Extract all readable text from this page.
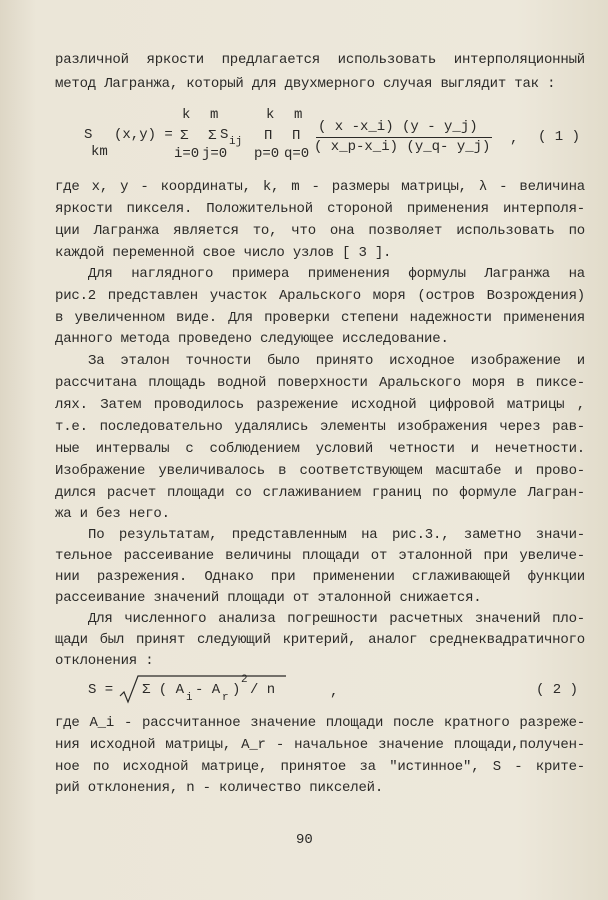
различной яркости предлагается использовать интерполяционный
метод Лагранжа, который для двухмерного случая выглядит так :
S
km
(x,y) =
k
Σ
i=0
m
Σ
j=0
S ij
k
Π
p=0
m
Π
q=0
( x -x_i) (y - y_j)
( x_p-x_i) (y_q- y_j) , ( 1 )
где x, y - координаты, k, m - размеры матрицы, λ - величина
яркости пикселя. Положительной стороной применения интерполя-
ции Лагранжа является то, что она позволяет использовать по
каждой переменной свое число узлов [ 3 ].
Для наглядного примера применения формулы Лагранжа на
рис.2 представлен участок Аральского моря (остров Возрождения)
в увеличенном виде. Для проверки степени надежности применения
данного метода проведено следующее исследование.
За эталон точности было принято исходное изображение и
рассчитана площадь водной поверхности Аральского моря в пиксе-
лях. Затем проводилось разрежение исходной цифровой матрицы ,
т.е. последовательно удалялись элементы изображения через рав-
ные интервалы с соблюдением условий четности и нечетности.
Изображение увеличивалось в соответствующем масштабе и прово-
дился расчет площади со сглаживанием границ по формуле Лагран-
жа и без него.
По результатам, представленным на рис.3., заметно значи-
тельное рассеивание величины площади от эталонной при увеличе-
нии разрежения. Однако при применении сглаживающей функции
рассеивание значений площади от эталонной снижается.
Для численного анализа погрешности расчетных значений пло-
щади был принят следующий критерий, аналог среднеквадратичного
отклонения :
S = Σ ( A i - A r )
2
/ n	,	( 2 )
где A_i - рассчитанное значение площади после кратного разреже-
ния исходной матрицы, A_r - начальное значение площади,получен-
ное по исходной матрице, принятое за "истинное", S - крите-
рий отклонения, n - количество пикселей.
90
